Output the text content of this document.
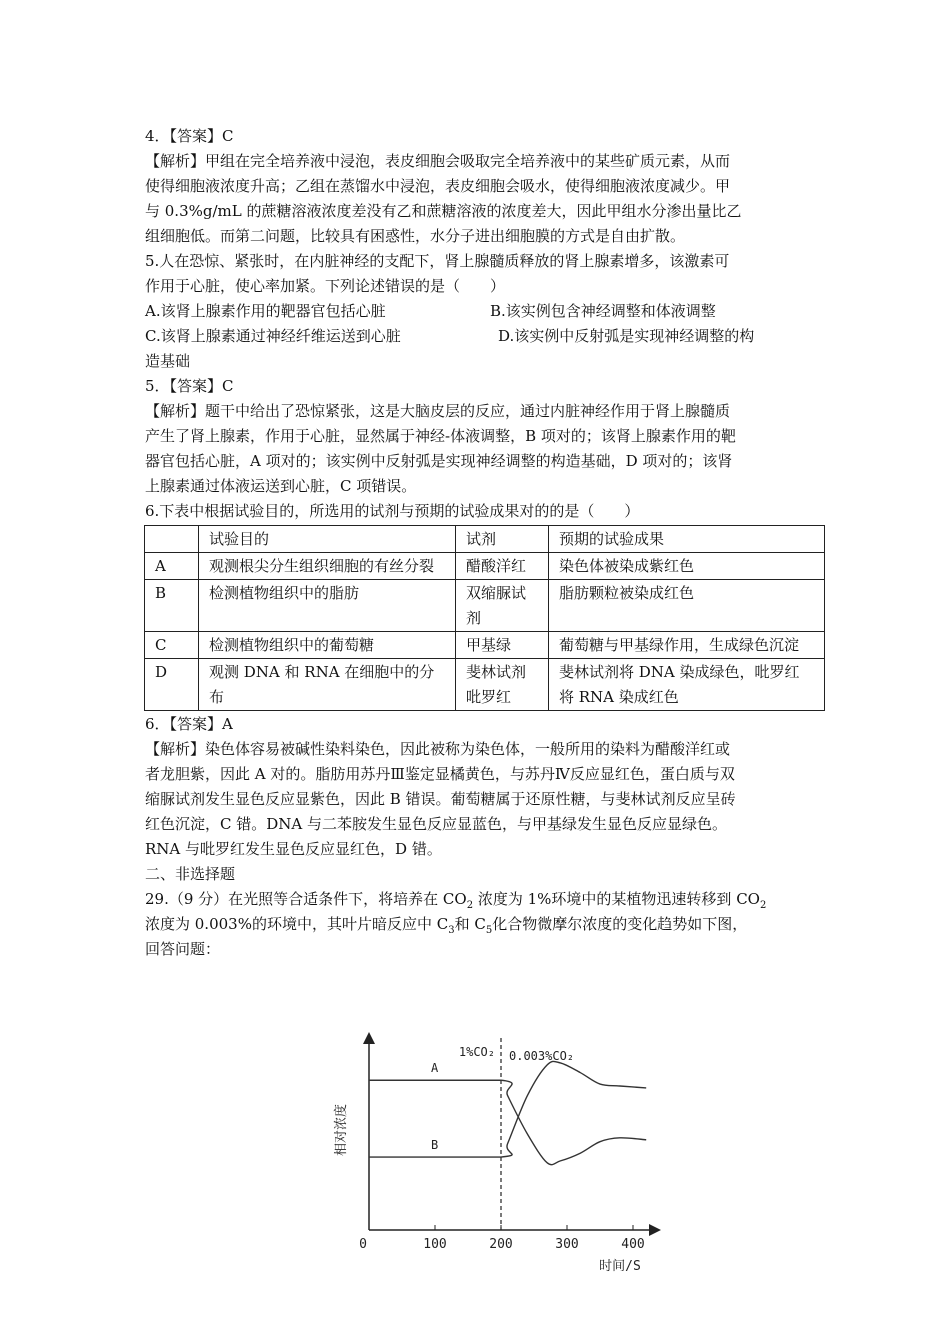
4．【答案】C
【解析】甲组在完全培养液中浸泡，表皮细胞会吸取完全培养液中的某些矿质元素，从而
使得细胞液浓度升高；乙组在蒸馏水中浸泡，表皮细胞会吸水，使得细胞液浓度减少。甲
与 0.3%g/mL 的蔗糖溶液浓度差没有乙和蔗糖溶液的浓度差大，因此甲组水分渗出量比乙
组细胞低。而第二问题，比较具有困惑性，水分子进出细胞膜的方式是自由扩散。
5.人在恐惊、紧张时，在内脏神经的支配下，肾上腺髓质释放的肾上腺素增多，该激素可
作用于心脏，使心率加紧。下列论述错误的是（　　）
A.该肾上腺素作用的靶器官包括心脏	B.该实例包含神经调整和体液调整
C.该肾上腺素通过神经纤维运送到心脏	D.该实例中反射弧是实现神经调整的构
造基础
5．【答案】C
【解析】题干中给出了恐惊紧张，这是大脑皮层的反应，通过内脏神经作用于肾上腺髓质
产生了肾上腺素，作用于心脏，显然属于神经-体液调整，B 项对的；该肾上腺素作用的靶
器官包括心脏，A 项对的；该实例中反射弧是实现神经调整的构造基础，D 项对的；该肾
上腺素通过体液运送到心脏，C 项错误。
6.下表中根据试验目的，所选用的试剂与预期的试验成果对的的是（　　）
	试验目的	试剂	预期的试验成果
A	观测根尖分生组织细胞的有丝分裂	醋酸洋红	染色体被染成紫红色
B	检测植物组织中的脂肪	双缩脲试剂	脂肪颗粒被染成红色
C	检测植物组织中的葡萄糖	甲基绿	葡萄糖与甲基绿作用，生成绿色沉淀
D	观测 DNA 和 RNA 在细胞中的分布	斐林试剂 吡罗红	斐林试剂将 DNA 染成绿色，吡罗红将 RNA 染成红色
6．【答案】A
【解析】染色体容易被碱性染料染色，因此被称为染色体，一般所用的染料为醋酸洋红或
者龙胆紫，因此 A 对的。脂肪用苏丹Ⅲ鉴定显橘黄色，与苏丹Ⅳ反应显红色，蛋白质与双
缩脲试剂发生显色反应显紫色，因此 B 错误。葡萄糖属于还原性糖，与斐林试剂反应呈砖
红色沉淀，C 错。DNA 与二苯胺发生显色反应显蓝色，与甲基绿发生显色反应显绿色。
RNA 与吡罗红发生显色反应显红色，D 错。
二、非选择题
29.（9 分）在光照等合适条件下，将培养在 $CO_2$ 浓度为 1%环境中的某植物迅速转移到 $CO_2$
浓度为 0.003%的环境中，其叶片暗反应中 $C_3$和 $C_5$化合物微摩尔浓度的变化趋势如下图，
回答问题：
0	100	200	300	400
1%CO₂ 0.003%CO₂
相对浓度
时间/S
A
B
